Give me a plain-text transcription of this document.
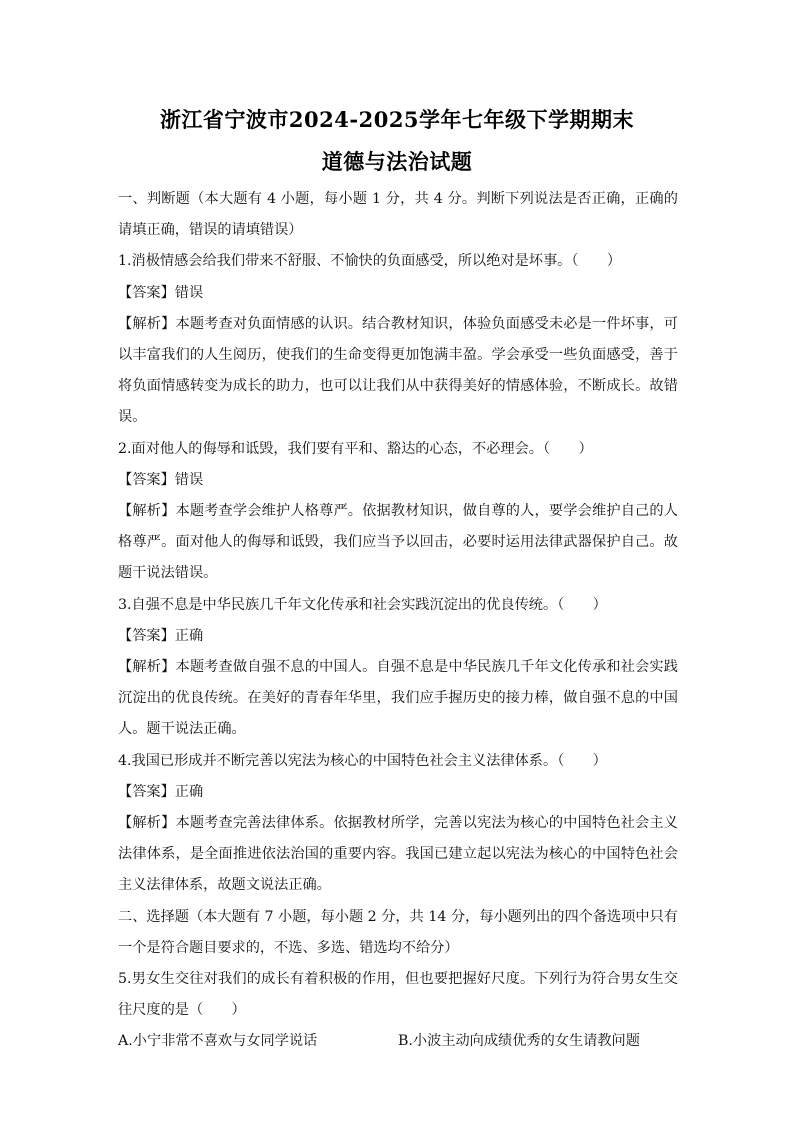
浙江省宁波市2024-2025学年七年级下学期期末
道德与法治试题

一、判断题（本大题有 4 小题，每小题 1 分，共 4 分。判断下列说法是否正确，正确的请填正确，错误的请填错误）

1.消极情感会给我们带来不舒服、不愉快的负面感受，所以绝对是坏事。（　　）

【答案】错误

【解析】本题考查对负面情感的认识。结合教材知识，体验负面感受未必是一件坏事，可以丰富我们的人生阅历，使我们的生命变得更加饱满丰盈。学会承受一些负面感受，善于将负面情感转变为成长的助力，也可以让我们从中获得美好的情感体验，不断成长。故错误。

2.面对他人的侮辱和诋毁，我们要有平和、豁达的心态，不必理会。（　　）

【答案】错误

【解析】本题考查学会维护人格尊严。依据教材知识，做自尊的人，要学会维护自己的人格尊严。面对他人的侮辱和诋毁，我们应当予以回击，必要时运用法律武器保护自己。故题干说法错误。

3.自强不息是中华民族几千年文化传承和社会实践沉淀出的优良传统。（　　）

【答案】正确

【解析】本题考查做自强不息的中国人。自强不息是中华民族几千年文化传承和社会实践沉淀出的优良传统。在美好的青春年华里，我们应手握历史的接力棒，做自强不息的中国人。题干说法正确。

4.我国已形成并不断完善以宪法为核心的中国特色社会主义法律体系。（　　）

【答案】正确

【解析】本题考查完善法律体系。依据教材所学，完善以宪法为核心的中国特色社会主义法律体系，是全面推进依法治国的重要内容。我国已建立起以宪法为核心的中国特色社会主义法律体系，故题文说法正确。

二、选择题（本大题有 7 小题，每小题 2 分，共 14 分，每小题列出的四个备选项中只有一个是符合题目要求的，不选、多选、错选均不给分）

5.男女生交往对我们的成长有着积极的作用，但也要把握好尺度。下列行为符合男女生交往尺度的是（　　）

A.小宁非常不喜欢与女同学说话	B.小波主动向成绩优秀的女生请教问题
